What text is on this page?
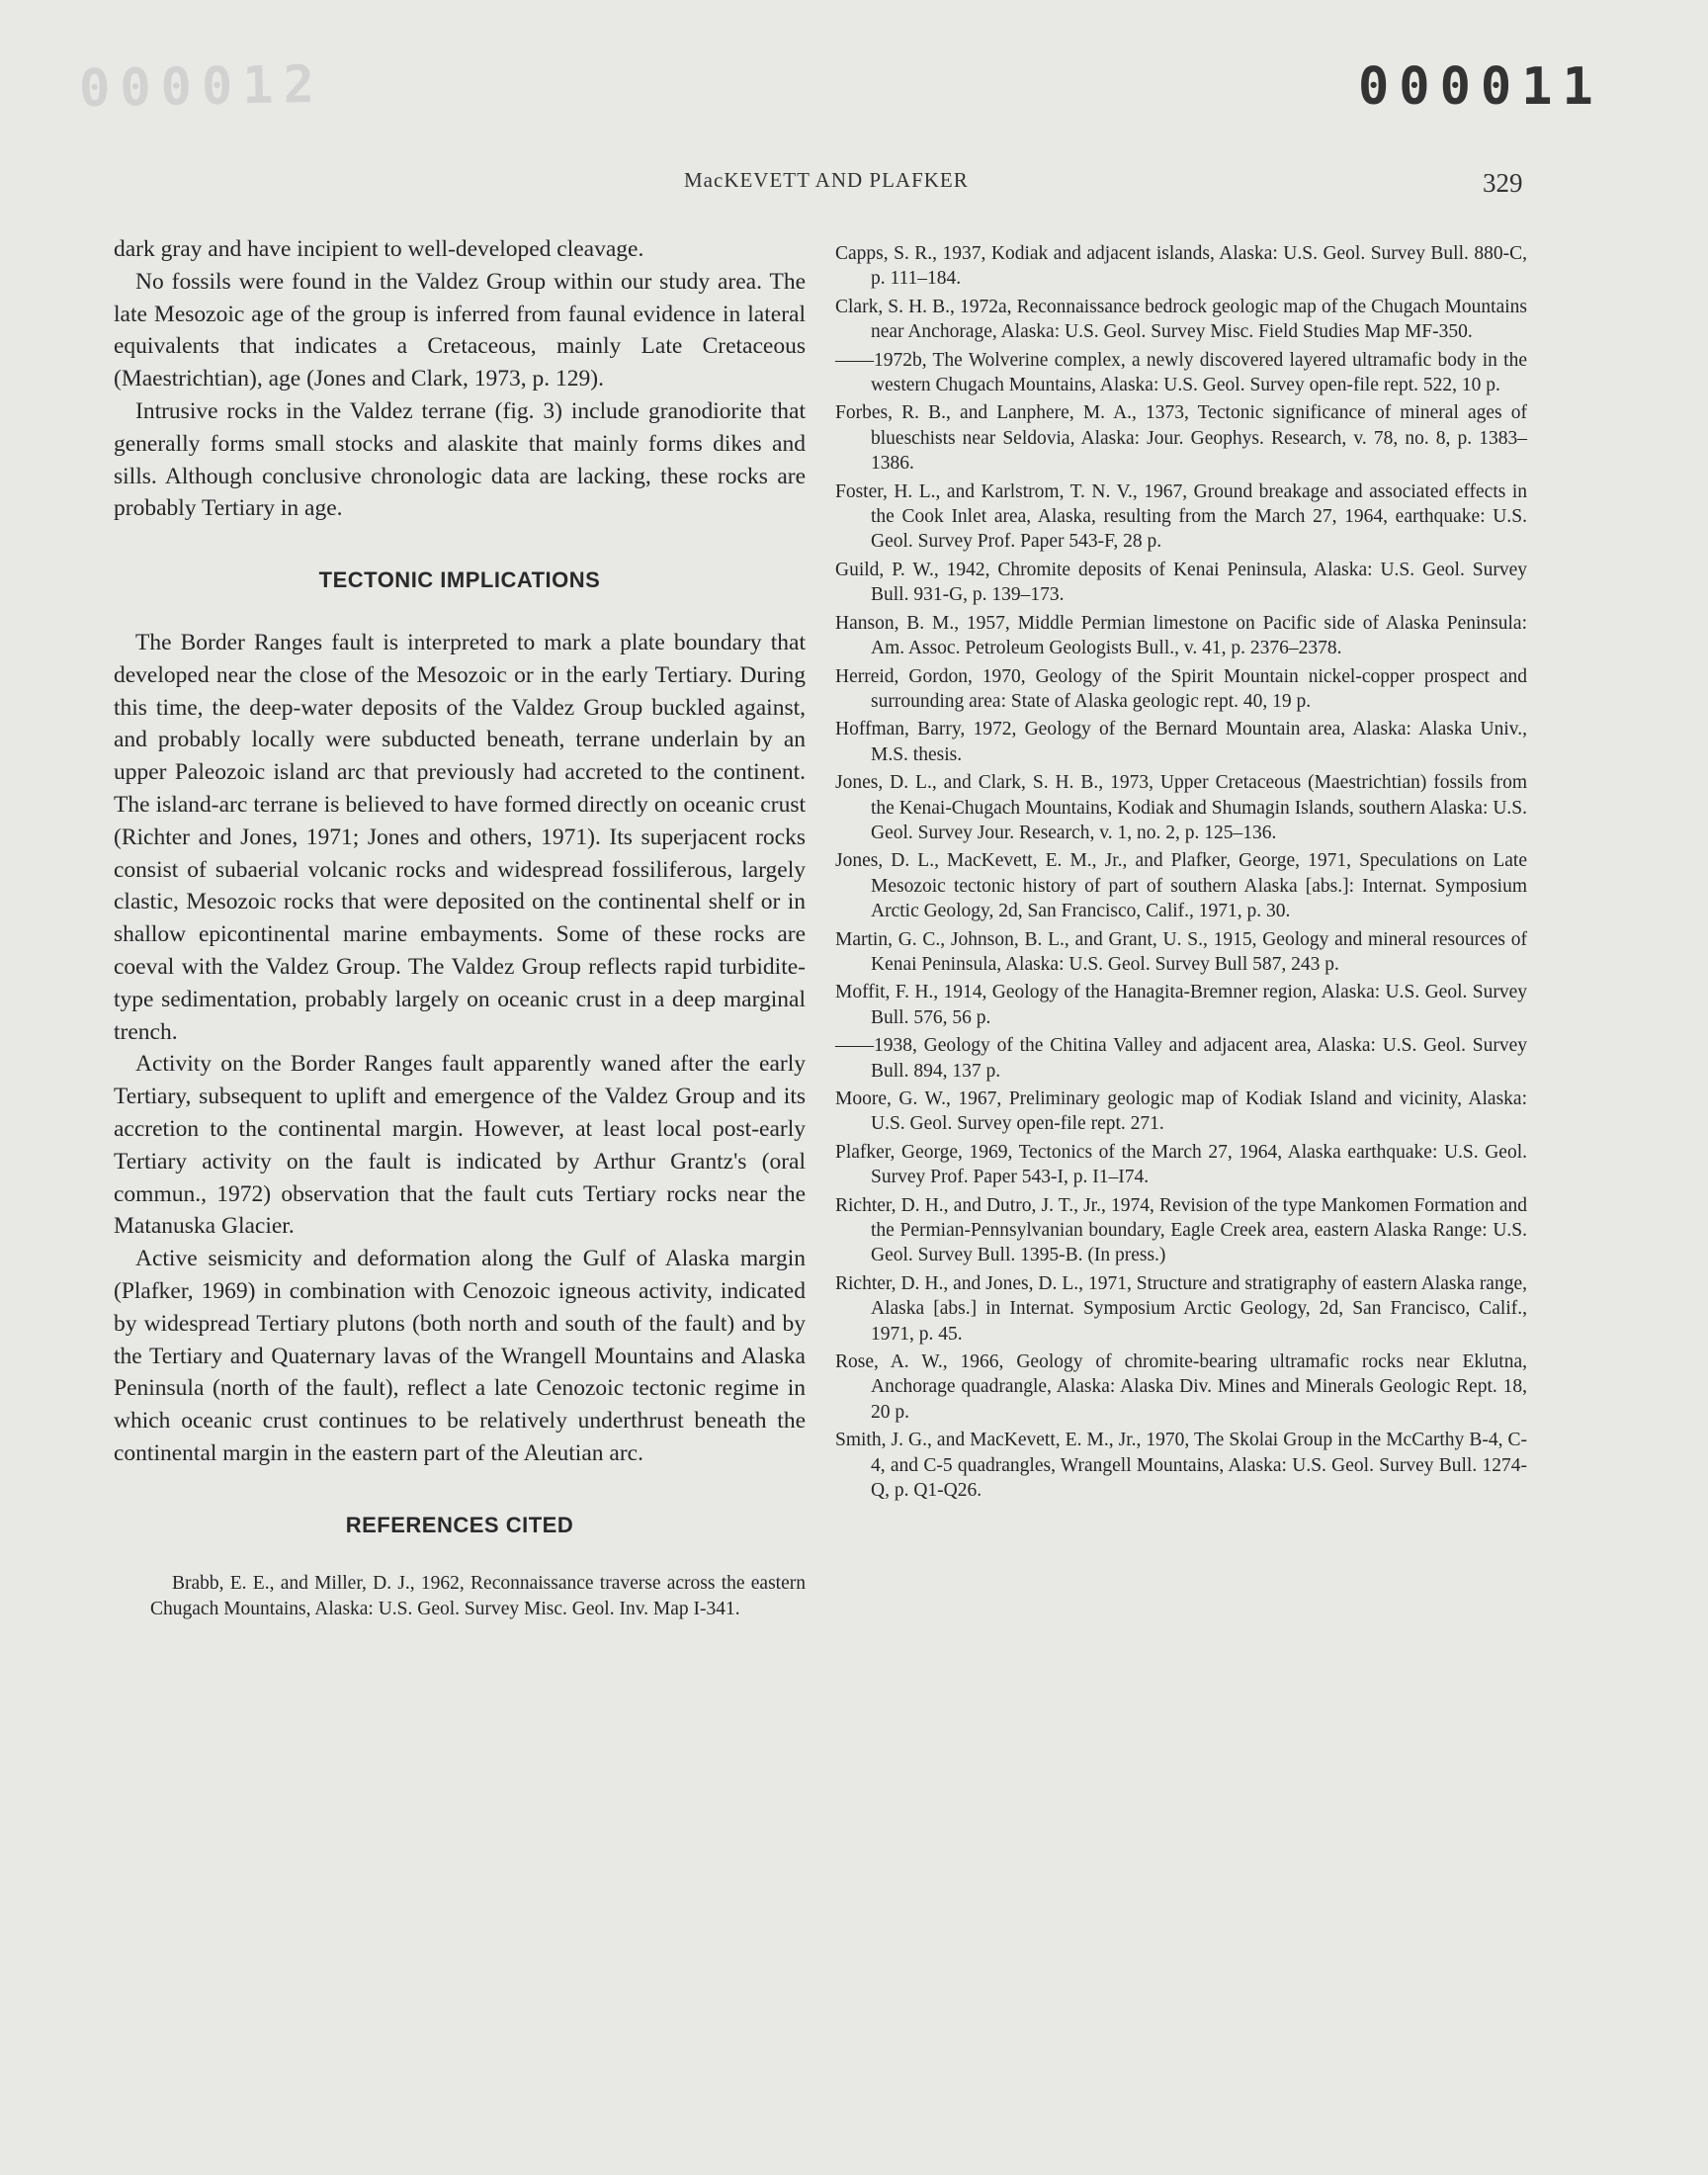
000012	000011
MacKEVETT AND PLAFKER	329

dark gray and have incipient to well-developed cleavage.

No fossils were found in the Valdez Group within our study area. The late Mesozoic age of the group is inferred from faunal evidence in lateral equivalents that indicates a Cretaceous, mainly Late Cretaceous (Maestrichtian), age (Jones and Clark, 1973, p. 129).

Intrusive rocks in the Valdez terrane (fig. 3) include granodiorite that generally forms small stocks and alaskite that mainly forms dikes and sills. Although conclusive chronologic data are lacking, these rocks are probably Tertiary in age.

TECTONIC IMPLICATIONS

The Border Ranges fault is interpreted to mark a plate boundary that developed near the close of the Mesozoic or in the early Tertiary. During this time, the deep-water deposits of the Valdez Group buckled against, and probably locally were subducted beneath, terrane underlain by an upper Paleozoic island arc that previously had accreted to the continent. The island-arc terrane is believed to have formed directly on oceanic crust (Richter and Jones, 1971; Jones and others, 1971). Its superjacent rocks consist of subaerial volcanic rocks and widespread fossiliferous, largely clastic, Mesozoic rocks that were deposited on the continental shelf or in shallow epicontinental marine embayments. Some of these rocks are coeval with the Valdez Group. The Valdez Group reflects rapid turbidite-type sedimentation, probably largely on oceanic crust in a deep marginal trench.

Activity on the Border Ranges fault apparently waned after the early Tertiary, subsequent to uplift and emergence of the Valdez Group and its accretion to the continental margin. However, at least local post-early Tertiary activity on the fault is indicated by Arthur Grantz's (oral commun., 1972) observation that the fault cuts Tertiary rocks near the Matanuska Glacier.

Active seismicity and deformation along the Gulf of Alaska margin (Plafker, 1969) in combination with Cenozoic igneous activity, indicated by widespread Tertiary plutons (both north and south of the fault) and by the Tertiary and Quaternary lavas of the Wrangell Mountains and Alaska Peninsula (north of the fault), reflect a late Cenozoic tectonic regime in which oceanic crust continues to be relatively underthrust beneath the continental margin in the eastern part of the Aleutian arc.

REFERENCES CITED

Brabb, E. E., and Miller, D. J., 1962, Reconnaissance traverse across the eastern Chugach Mountains, Alaska: U.S. Geol. Survey Misc. Geol. Inv. Map I-341.

Capps, S. R., 1937, Kodiak and adjacent islands, Alaska: U.S. Geol. Survey Bull. 880-C, p. 111–184.

Clark, S. H. B., 1972a, Reconnaissance bedrock geologic map of the Chugach Mountains near Anchorage, Alaska: U.S. Geol. Survey Misc. Field Studies Map MF-350.

——1972b, The Wolverine complex, a newly discovered layered ultramafic body in the western Chugach Mountains, Alaska: U.S. Geol. Survey open-file rept. 522, 10 p.

Forbes, R. B., and Lanphere, M. A., 1373, Tectonic significance of mineral ages of blueschists near Seldovia, Alaska: Jour. Geophys. Research, v. 78, no. 8, p. 1383–1386.

Foster, H. L., and Karlstrom, T. N. V., 1967, Ground breakage and associated effects in the Cook Inlet area, Alaska, resulting from the March 27, 1964, earthquake: U.S. Geol. Survey Prof. Paper 543-F, 28 p.

Guild, P. W., 1942, Chromite deposits of Kenai Peninsula, Alaska: U.S. Geol. Survey Bull. 931-G, p. 139–173.

Hanson, B. M., 1957, Middle Permian limestone on Pacific side of Alaska Peninsula: Am. Assoc. Petroleum Geologists Bull., v. 41, p. 2376–2378.

Herreid, Gordon, 1970, Geology of the Spirit Mountain nickel-copper prospect and surrounding area: State of Alaska geologic rept. 40, 19 p.

Hoffman, Barry, 1972, Geology of the Bernard Mountain area, Alaska: Alaska Univ., M.S. thesis.

Jones, D. L., and Clark, S. H. B., 1973, Upper Cretaceous (Maestrichtian) fossils from the Kenai-Chugach Mountains, Kodiak and Shumagin Islands, southern Alaska: U.S. Geol. Survey Jour. Research, v. 1, no. 2, p. 125–136.

Jones, D. L., MacKevett, E. M., Jr., and Plafker, George, 1971, Speculations on Late Mesozoic tectonic history of part of southern Alaska [abs.]: Internat. Symposium Arctic Geology, 2d, San Francisco, Calif., 1971, p. 30.

Martin, G. C., Johnson, B. L., and Grant, U. S., 1915, Geology and mineral resources of Kenai Peninsula, Alaska: U.S. Geol. Survey Bull 587, 243 p.

Moffit, F. H., 1914, Geology of the Hanagita-Bremner region, Alaska: U.S. Geol. Survey Bull. 576, 56 p.

——1938, Geology of the Chitina Valley and adjacent area, Alaska: U.S. Geol. Survey Bull. 894, 137 p.

Moore, G. W., 1967, Preliminary geologic map of Kodiak Island and vicinity, Alaska: U.S. Geol. Survey open-file rept. 271.

Plafker, George, 1969, Tectonics of the March 27, 1964, Alaska earthquake: U.S. Geol. Survey Prof. Paper 543-I, p. I1–I74.

Richter, D. H., and Dutro, J. T., Jr., 1974, Revision of the type Mankomen Formation and the Permian-Pennsylvanian boundary, Eagle Creek area, eastern Alaska Range: U.S. Geol. Survey Bull. 1395-B. (In press.)

Richter, D. H., and Jones, D. L., 1971, Structure and stratigraphy of eastern Alaska range, Alaska [abs.] in Internat. Symposium Arctic Geology, 2d, San Francisco, Calif., 1971, p. 45.

Rose, A. W., 1966, Geology of chromite-bearing ultramafic rocks near Eklutna, Anchorage quadrangle, Alaska: Alaska Div. Mines and Minerals Geologic Rept. 18, 20 p.

Smith, J. G., and MacKevett, E. M., Jr., 1970, The Skolai Group in the McCarthy B-4, C-4, and C-5 quadrangles, Wrangell Mountains, Alaska: U.S. Geol. Survey Bull. 1274-Q, p. Q1-Q26.
